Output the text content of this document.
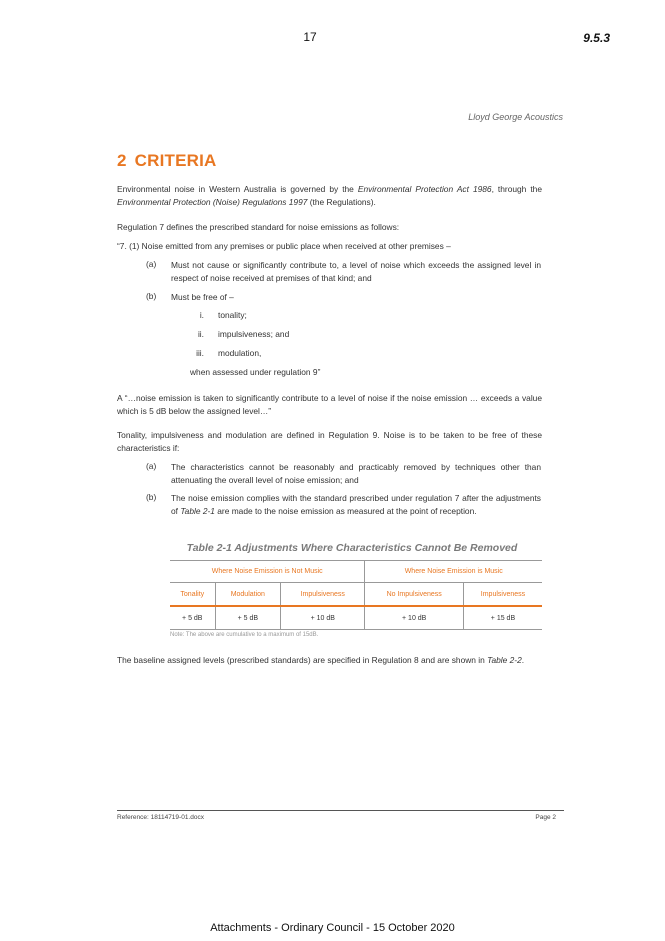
17	9.5.3
Lloyd George Acoustics
2 CRITERIA
Environmental noise in Western Australia is governed by the Environmental Protection Act 1986, through the Environmental Protection (Noise) Regulations 1997 (the Regulations).
Regulation 7 defines the prescribed standard for noise emissions as follows:
“7. (1) Noise emitted from any premises or public place when received at other premises –
(a) Must not cause or significantly contribute to, a level of noise which exceeds the assigned level in respect of noise received at premises of that kind; and
(b) Must be free of –
i. tonality;
ii. impulsiveness; and
iii. modulation,
when assessed under regulation 9”
A “…noise emission is taken to significantly contribute to a level of noise if the noise emission … exceeds a value which is 5 dB below the assigned level…”
Tonality, impulsiveness and modulation are defined in Regulation 9. Noise is to be taken to be free of these characteristics if:
(a) The characteristics cannot be reasonably and practicably removed by techniques other than attenuating the overall level of noise emission; and
(b) The noise emission complies with the standard prescribed under regulation 7 after the adjustments of Table 2-1 are made to the noise emission as measured at the point of reception.
Table 2-1 Adjustments Where Characteristics Cannot Be Removed
Where Noise Emission is Not Music			Where Noise Emission is Music	
Tonality	Modulation	Impulsiveness	No Impulsiveness	Impulsiveness
+ 5 dB	+ 5 dB	+ 10 dB	+ 10 dB	+ 15 dB
Note: The above are cumulative to a maximum of 15dB.
The baseline assigned levels (prescribed standards) are specified in Regulation 8 and are shown in Table 2-2.
Reference: 18114719-01.docx	Page 2
Attachments - Ordinary Council - 15 October 2020
